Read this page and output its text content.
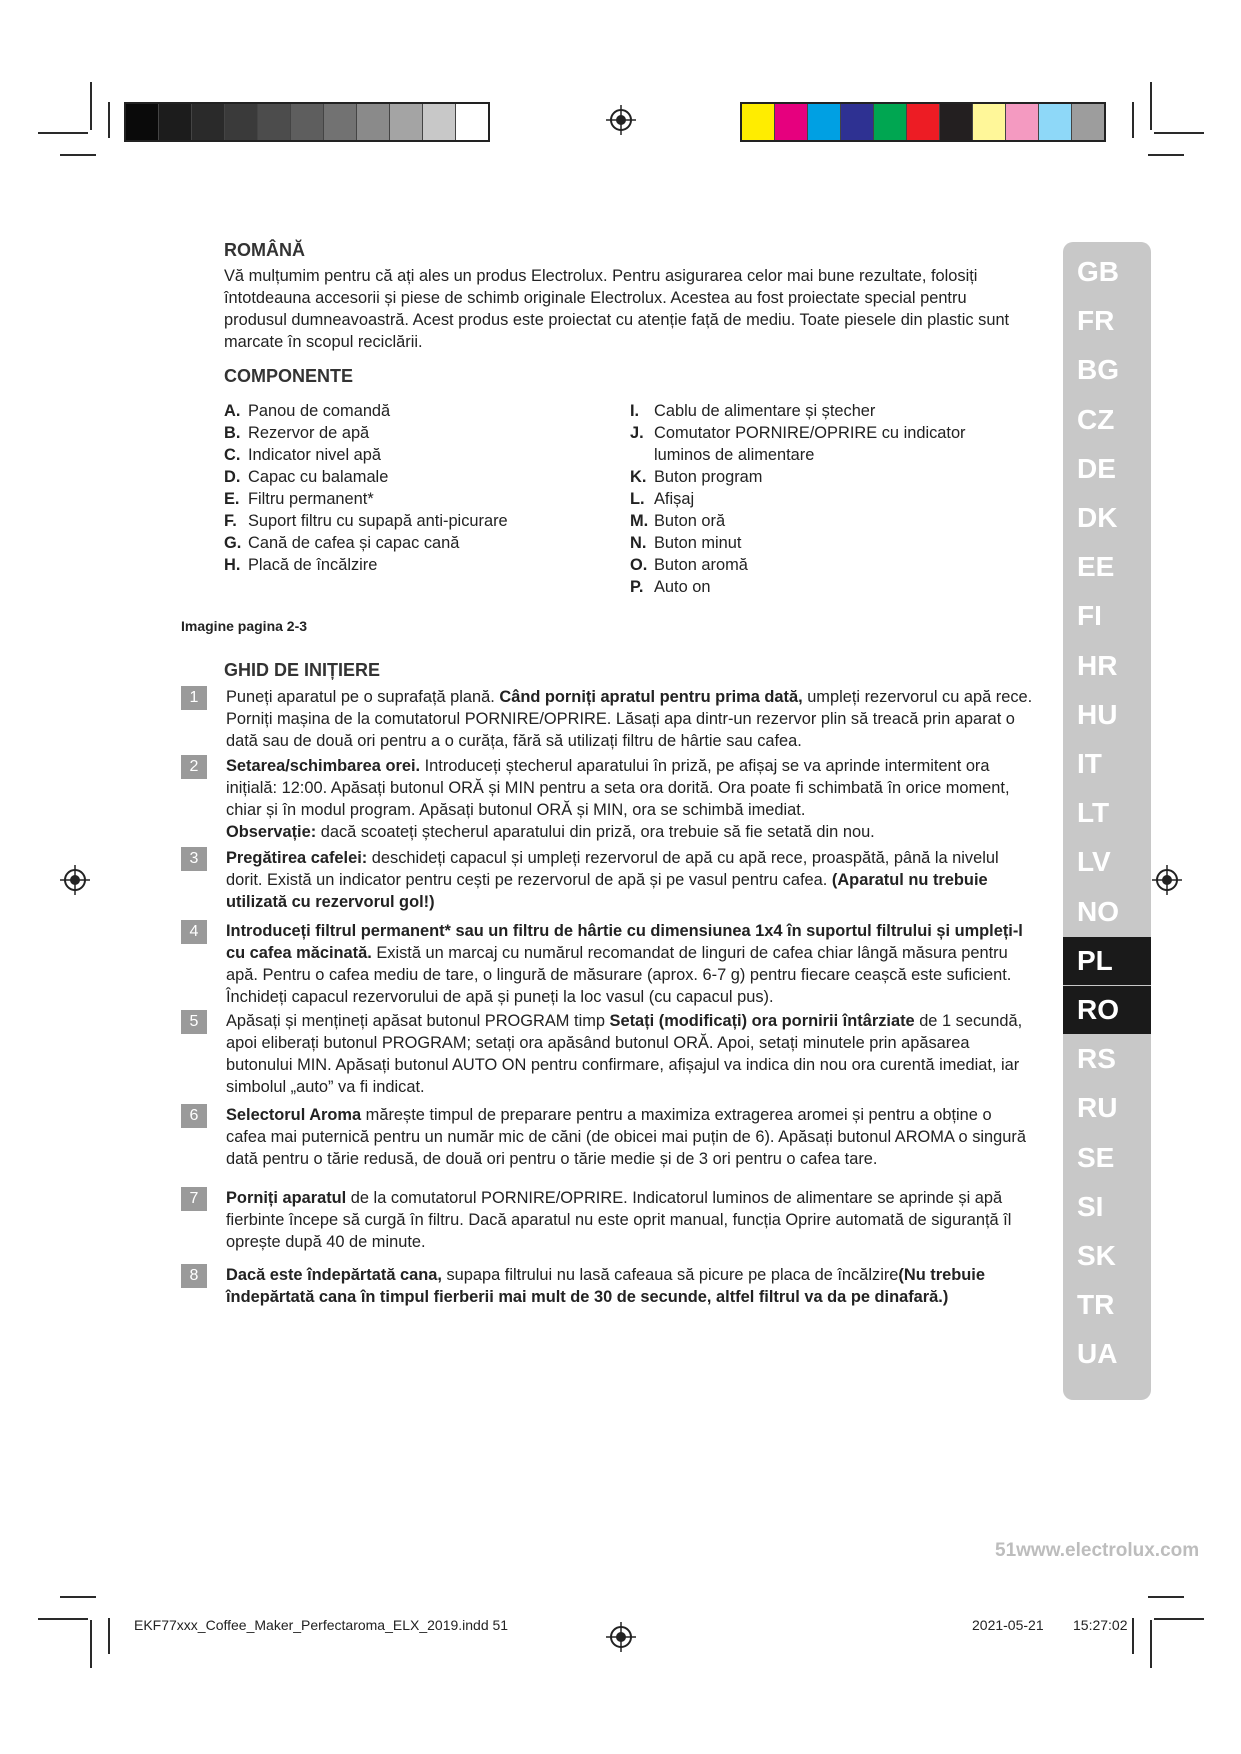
ROMÂNĂ
Vă mulțumim pentru că ați ales un produs Electrolux. Pentru asigurarea celor mai bune rezultate, folosiți întotdeauna accesorii și piese de schimb originale Electrolux. Acestea au fost proiectate special pentru produsul dumneavoastră. Acest produs este proiectat cu atenție față de mediu. Toate piesele din plastic sunt marcate în scopul reciclării.
COMPONENTE
A. Panou de comandă
B. Rezervor de apă
C. Indicator nivel apă
D. Capac cu balamale
E. Filtru permanent*
F. Suport filtru cu supapă anti-picurare
G. Cană de cafea și capac cană
H. Placă de încălzire
I. Cablu de alimentare și ștecher
J. Comutator PORNIRE/OPRIRE cu indicator luminos de alimentare
K. Buton program
L. Afișaj
M. Buton oră
N. Buton minut
O. Buton aromă
P. Auto on
Imagine pagina 2-3
GHID DE INIȚIERE
1	Puneți aparatul pe o suprafață plană. Când porniți apratul pentru prima dată, umpleți rezervorul cu apă rece. Porniți mașina de la comutatorul PORNIRE/OPRIRE. Lăsați apa dintr-un rezervor plin să treacă prin aparat o dată sau de două ori pentru a o curăța, fără să utilizați filtru de hârtie sau cafea.
2	Setarea/schimbarea orei. Introduceți ștecherul aparatului în priză, pe afișaj se va aprinde intermitent ora inițială: 12:00. Apăsați butonul ORĂ și MIN pentru a seta ora dorită. Ora poate fi schimbată în orice moment, chiar și în modul program. Apăsați butonul ORĂ și MIN, ora se schimbă imediat.
Observație: dacă scoateți ștecherul aparatului din priză, ora trebuie să fie setată din nou.
3	Pregătirea cafelei: deschideți capacul și umpleți rezervorul de apă cu apă rece, proaspătă, până la nivelul dorit. Există un indicator pentru cești pe rezervorul de apă și pe vasul pentru cafea. (Aparatul nu trebuie utilizată cu rezervorul gol!)
4	Introduceți filtrul permanent* sau un filtru de hârtie cu dimensiunea 1x4 în suportul filtrului și umpleți-l cu cafea măcinată. Există un marcaj cu numărul recomandat de linguri de cafea chiar lângă măsura pentru apă. Pentru o cafea mediu de tare, o lingură de măsurare (aprox. 6-7 g) pentru fiecare ceașcă este suficient. Închideți capacul rezervorului de apă și puneți la loc vasul (cu capacul pus).
5	Apăsați și mențineți apăsat butonul PROGRAM timp Setați (modificați) ora pornirii întârziate de 1 secundă, apoi eliberați butonul PROGRAM; setați ora apăsând butonul ORĂ. Apoi, setați minutele prin apăsarea butonului MIN. Apăsați butonul AUTO ON pentru confirmare, afișajul va indica din nou ora curentă imediat, iar simbolul „auto” va fi indicat.
6	Selectorul Aroma mărește timpul de preparare pentru a maximiza extragerea aromei și pentru a obține o cafea mai puternică pentru un număr mic de căni (de obicei mai puțin de 6). Apăsați butonul AROMA o singură dată pentru o tărie redusă, de două ori pentru o tărie medie și de 3 ori pentru o cafea tare.
7	Porniți aparatul de la comutatorul PORNIRE/OPRIRE. Indicatorul luminos de alimentare se aprinde și apă fierbinte începe să curgă în filtru. Dacă aparatul nu este oprit manual, funcția Oprire automată de siguranță îl oprește după 40 de minute.
8	Dacă este îndepărtată cana, supapa filtrului nu lasă cafeaua să picure pe placa de încălzire(Nu trebuie îndepărtată cana în timpul fierberii mai mult de 30 de secunde, altfel filtrul va da pe dinafară.)
GB
FR
BG
CZ
DE
DK
EE
FI
HR
HU
IT
LT
LV
NO
PL
RO
RS
RU
SE
SI
SK
TR
UA
51www.electrolux.com
EKF77xxx_Coffee_Maker_Perfectaroma_ELX_2019.indd 51	2021-05-21 15:27:02
